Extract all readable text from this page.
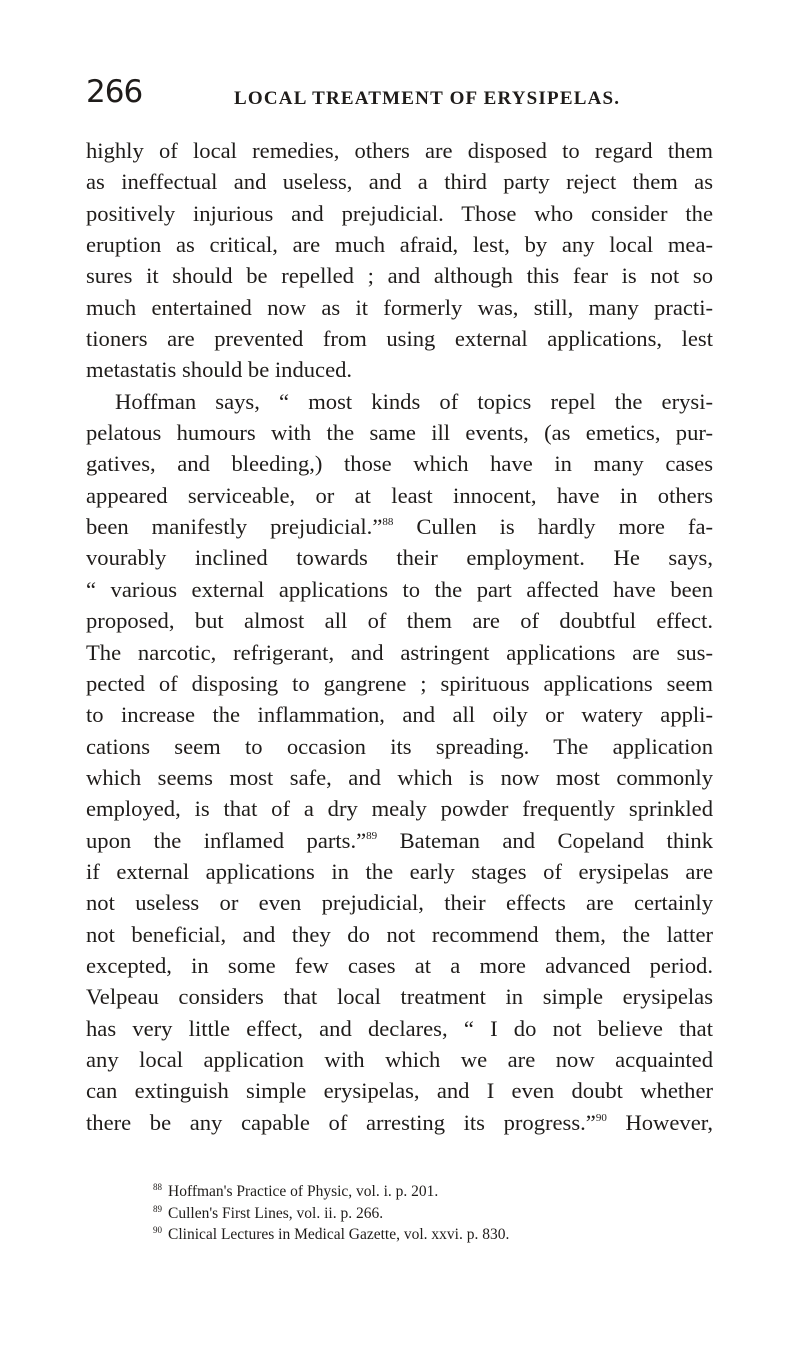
266	LOCAL TREATMENT OF ERYSIPELAS.
highly of local remedies, others are disposed to regard them
as ineffectual and useless, and a third party reject them as
positively injurious and prejudicial. Those who consider the
eruption as critical, are much afraid, lest, by any local mea-
sures it should be repelled ; and although this fear is not so
much entertained now as it formerly was, still, many practi-
tioners are prevented from using external applications, lest
metastatis should be induced.
Hoffman says, “ most kinds of topics repel the erysi-
pelatous humours with the same ill events, (as emetics, pur-
gatives, and bleeding,) those which have in many cases
appeared serviceable, or at least innocent, have in others
been manifestly prejudicial.”$^{88}$ Cullen is hardly more fa-
vourably inclined towards their employment. He says,
“ various external applications to the part affected have been
proposed, but almost all of them are of doubtful effect.
The narcotic, refrigerant, and astringent applications are sus-
pected of disposing to gangrene ; spirituous applications seem
to increase the inflammation, and all oily or watery appli-
cations seem to occasion its spreading. The application
which seems most safe, and which is now most commonly
employed, is that of a dry mealy powder frequently sprinkled
upon the inflamed parts.”$^{89}$ Bateman and Copeland think
if external applications in the early stages of erysipelas are
not useless or even prejudicial, their effects are certainly
not beneficial, and they do not recommend them, the latter
excepted, in some few cases at a more advanced period.
Velpeau considers that local treatment in simple erysipelas
has very little effect, and declares, “ I do not believe that
any local application with which we are now acquainted
can extinguish simple erysipelas, and I even doubt whether
there be any capable of arresting its progress.”$^{90}$ However,
$^{88}$ Hoffman's Practice of Physic, vol. i. p. 201.
$^{89}$ Cullen's First Lines, vol. ii. p. 266.
$^{90}$ Clinical Lectures in Medical Gazette, vol. xxvi. p. 830.
